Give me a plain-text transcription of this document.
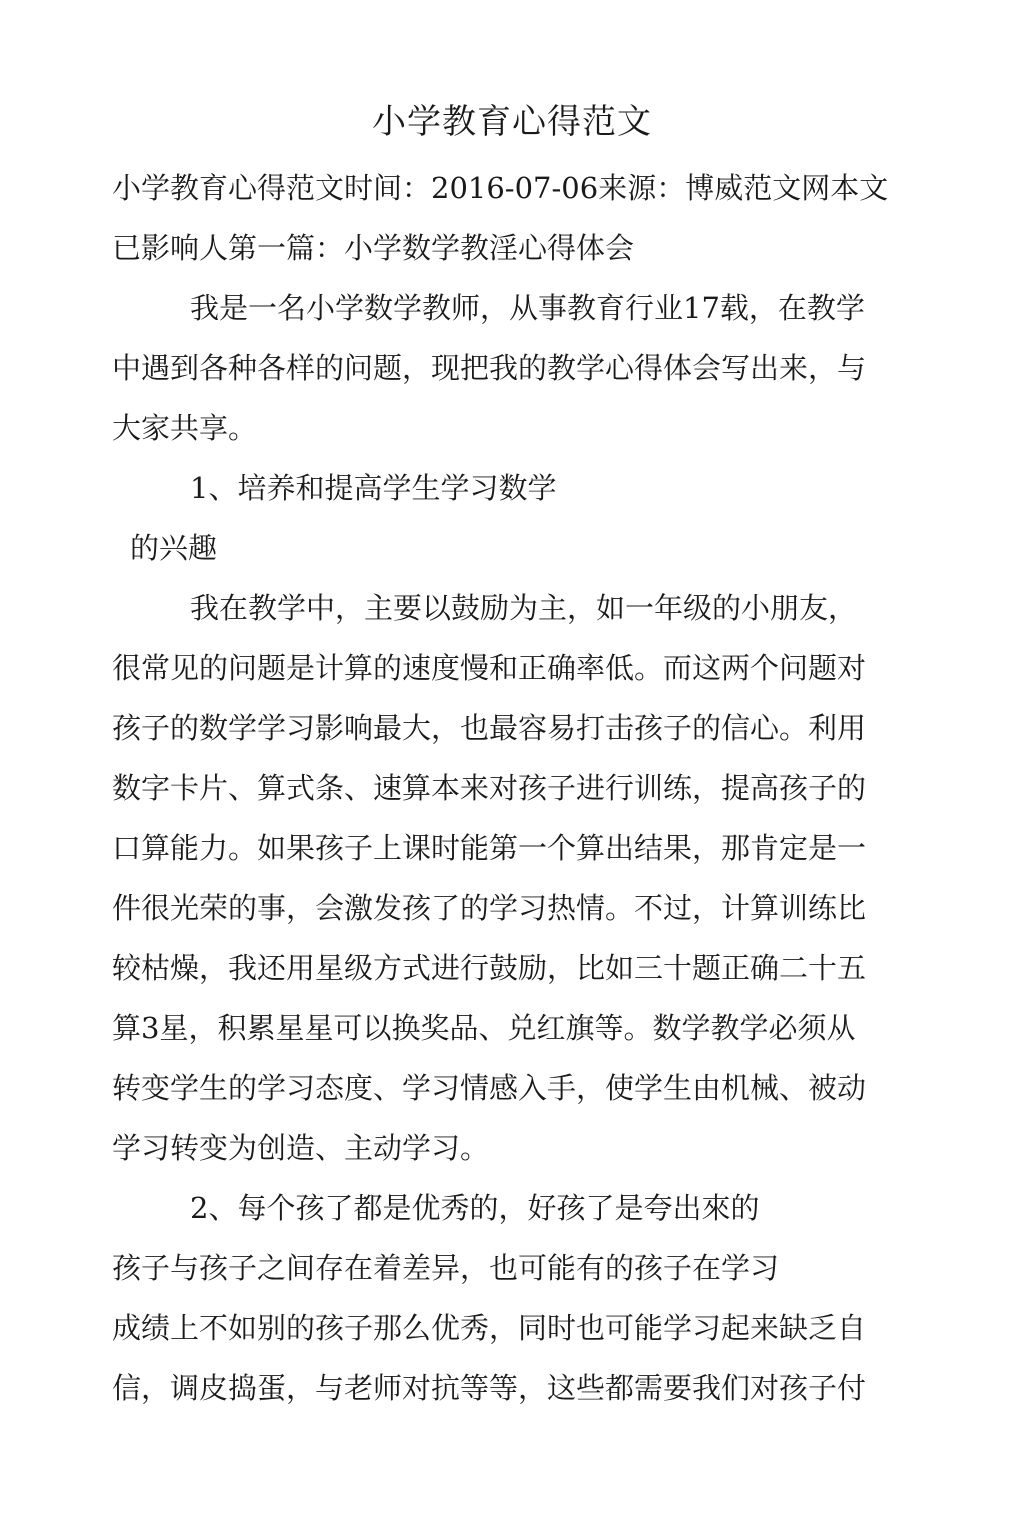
小学教育心得范文
小学教育心得范文时间：2016-07-06来源：博威范文网本文
已影响人第一篇：小学数学教淫心得体会
我是一名小学数学教师，从事教育行业17载，在教学
中遇到各种各样的问题，现把我的教学心得体会写出来，与
大家共享。
1、培养和提高学生学习数学
的兴趣
我在教学中，主要以鼓励为主，如一年级的小朋友，
很常见的问题是计算的速度慢和正确率低。而这两个问题对
孩子的数学学习影响最大，也最容易打击孩子的信心。利用
数字卡片、算式条、速算本来对孩子进行训练，提高孩子的
口算能力。如果孩子上课时能第一个算出结果，那肯定是一
件很光荣的事，会激发孩了的学习热情。不过，计算训练比
较枯燥，我还用星级方式进行鼓励，比如三十题正确二十五
算3星，积累星星可以换奖品、兑红旗等。数学教学必须从
转变学生的学习态度、学习情感入手，使学生由机械、被动
学习转变为创造、主动学习。
2、每个孩了都是优秀的，好孩了是夸出來的
孩子与孩子之间存在着差异，也可能有的孩子在学习
成绩上不如别的孩子那么优秀，同时也可能学习起来缺乏自
信，调皮捣蛋，与老师对抗等等，这些都需要我们对孩子付
